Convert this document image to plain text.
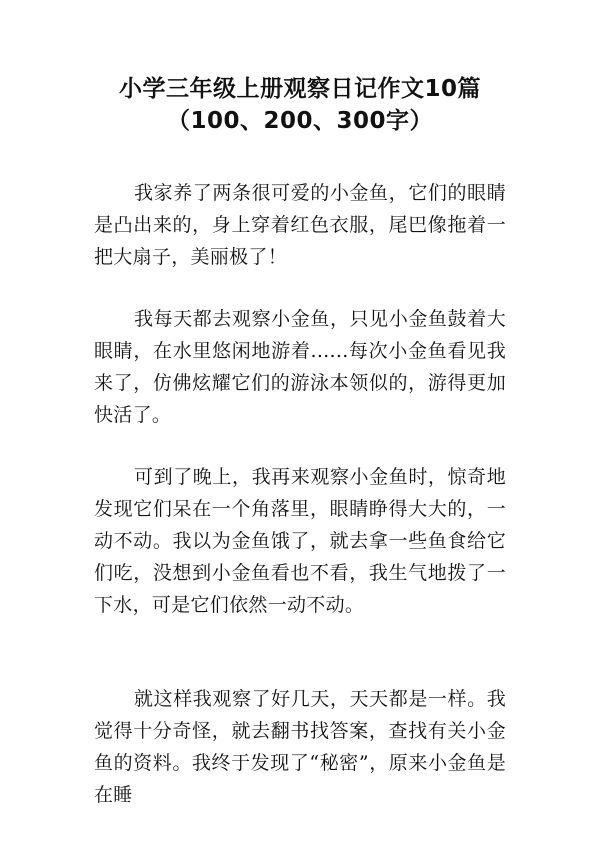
小学三年级上册观察日记作文10篇
（100、200、300字）

我家养了两条很可爱的小金鱼，它们的眼睛是凸出来的，身上穿着红色衣服，尾巴像拖着一把大扇子，美丽极了！

我每天都去观察小金鱼，只见小金鱼鼓着大眼睛，在水里悠闲地游着......每次小金鱼看见我来了，仿佛炫耀它们的游泳本领似的，游得更加快活了。

可到了晚上，我再来观察小金鱼时，惊奇地发现它们呆在一个角落里，眼睛睁得大大的，一动不动。我以为金鱼饿了，就去拿一些鱼食给它们吃，没想到小金鱼看也不看，我生气地拨了一下水，可是它们依然一动不动。

就这样我观察了好几天，天天都是一样。我觉得十分奇怪，就去翻书找答案，查找有关小金鱼的资料。我终于发现了“秘密”，原来小金鱼是在睡
